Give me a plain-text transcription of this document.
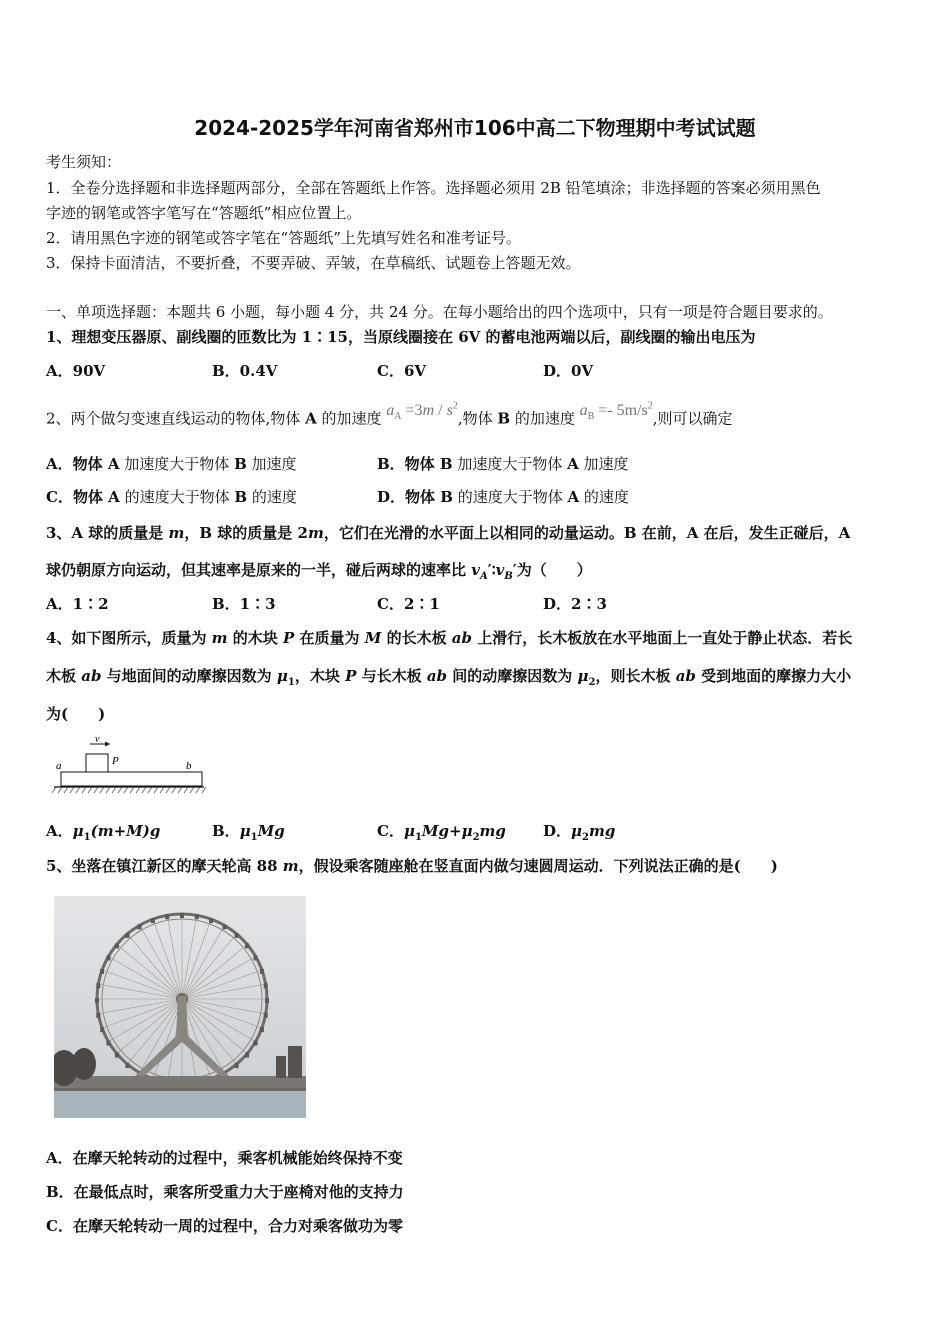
2024-2025学年河南省郑州市106中高二下物理期中考试试题
考生须知：
1．全卷分选择题和非选择题两部分，全部在答题纸上作答。选择题必须用 2B 铅笔填涂；非选择题的答案必须用黑色
字迹的钢笔或答字笔写在“答题纸”相应位置上。
2．请用黑色字迹的钢笔或答字笔在“答题纸”上先填写姓名和准考证号。
3．保持卡面清洁，不要折叠，不要弄破、弄皱，在草稿纸、试题卷上答题无效。
一、单项选择题：本题共 6 小题，每小题 4 分，共 24 分。在每小题给出的四个选项中，只有一项是符合题目要求的。
1、理想变压器原、副线圈的匝数比为 1∶15，当原线圈接在 6V 的蓄电池两端以后，副线圈的输出电压为
A．90V	B．0.4V	C．6V	D．0V
2、两个做匀变速直线运动的物体,物体 A 的加速度 $a_A =3m / s^2$,物体 B 的加速度 $a_B =- 5m/s^2$,则可以确定
A．物体 A 加速度大于物体 B 加速度	B．物体 B 加速度大于物体 A 加速度
C．物体 A 的速度大于物体 B 的速度	D．物体 B 的速度大于物体 A 的速度
3、A 球的质量是 m，B 球的质量是 2m，它们在光滑的水平面上以相同的动量运动。B 在前，A 在后，发生正碰后，A
球仍朝原方向运动，但其速率是原来的一半，碰后两球的速率比 $v_A'∶v_B'$为（　　）
A．1∶2	B．1∶3	C．2∶1	D．2∶3
4、如下图所示，质量为 m 的木块 P 在质量为 M 的长木板 ab 上滑行，长木板放在水平地面上一直处于静止状态．若长
木板 ab 与地面间的动摩擦因数为 $\mu_1$，木块 P 与长木板 ab 间的动摩擦因数为 $\mu_2$，则长木板 ab 受到地面的摩擦力大小
为(　　)
v
P
a	b
A．$\mu_1(m+M)g$	B．$\mu_1Mg$	C．$\mu_1Mg+\mu_2mg$ D．$\mu_2mg$
5、坐落在镇江新区的摩天轮高 88 m，假设乘客随座舱在竖直面内做匀速圆周运动．下列说法正确的是(　　)
A．在摩天轮转动的过程中，乘客机械能始终保持不变
B．在最低点时，乘客所受重力大于座椅对他的支持力
C．在摩天轮转动一周的过程中，合力对乘客做功为零
